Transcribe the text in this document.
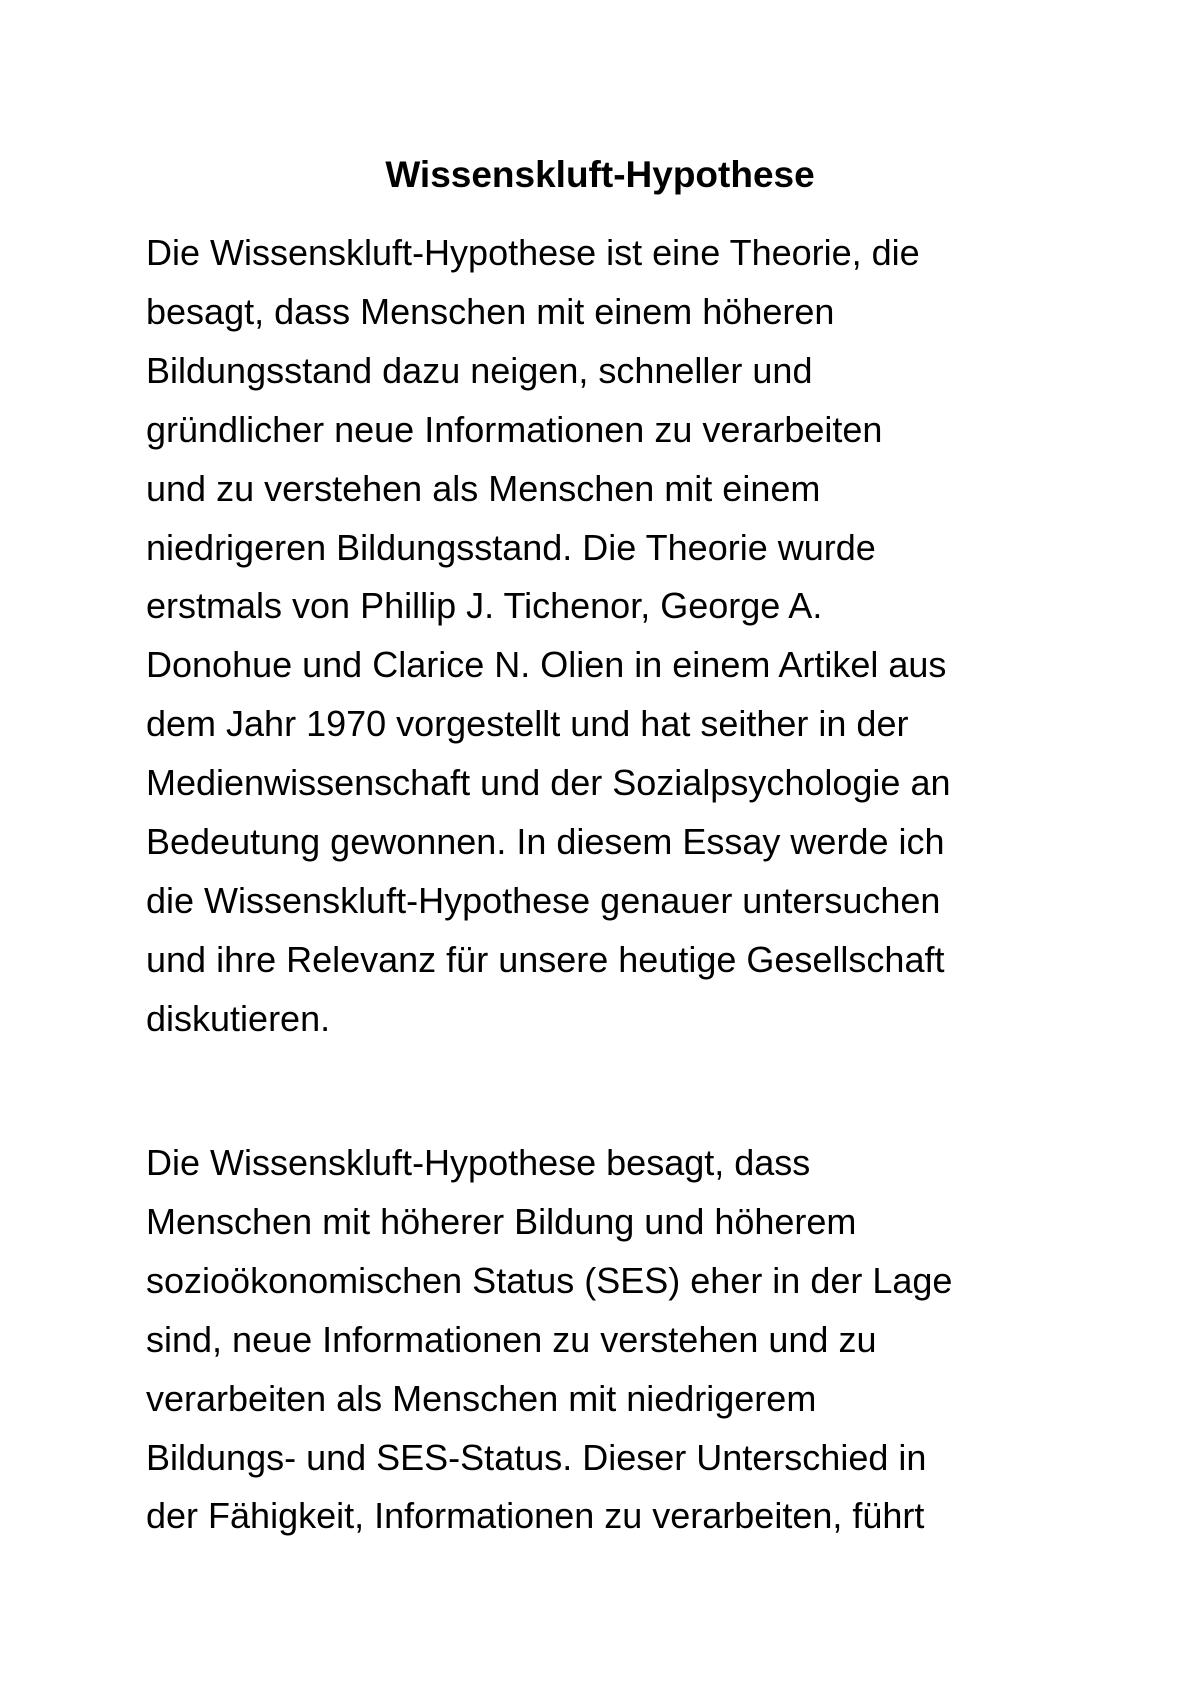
Wissenskluft-Hypothese
Die Wissenskluft-Hypothese ist eine Theorie, die
besagt, dass Menschen mit einem höheren
Bildungsstand dazu neigen, schneller und
gründlicher neue Informationen zu verarbeiten
und zu verstehen als Menschen mit einem
niedrigeren Bildungsstand. Die Theorie wurde
erstmals von Phillip J. Tichenor, George A.
Donohue und Clarice N. Olien in einem Artikel aus
dem Jahr 1970 vorgestellt und hat seither in der
Medienwissenschaft und der Sozialpsychologie an
Bedeutung gewonnen. In diesem Essay werde ich
die Wissenskluft-Hypothese genauer untersuchen
und ihre Relevanz für unsere heutige Gesellschaft
diskutieren.
Die Wissenskluft-Hypothese besagt, dass
Menschen mit höherer Bildung und höherem
sozioökonomischen Status (SES) eher in der Lage
sind, neue Informationen zu verstehen und zu
verarbeiten als Menschen mit niedrigerem
Bildungs- und SES-Status. Dieser Unterschied in
der Fähigkeit, Informationen zu verarbeiten, führt
